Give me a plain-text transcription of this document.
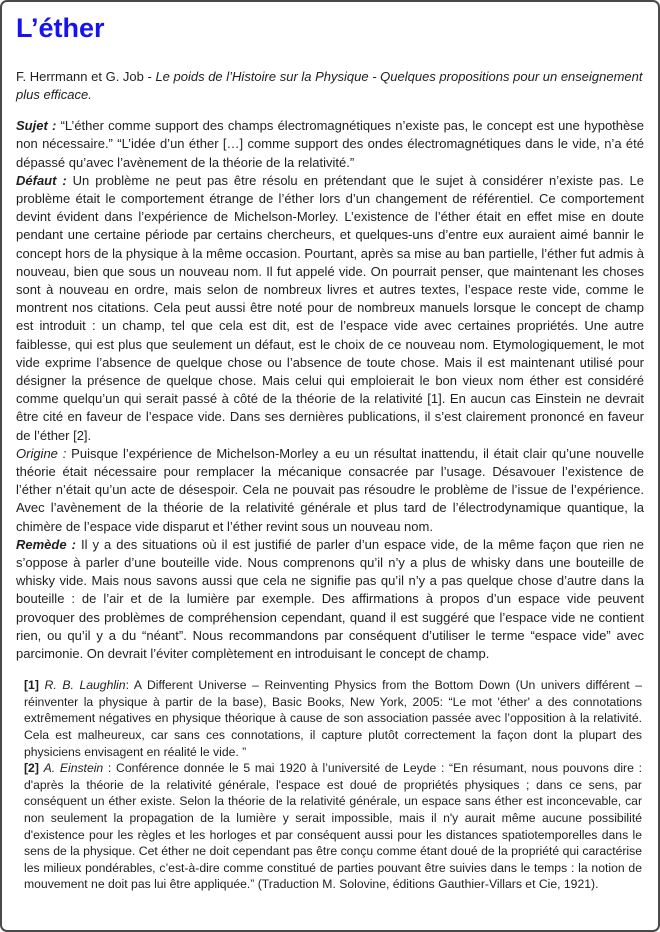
L’éther

F. Herrmann et G. Job - Le poids de l’Histoire sur la Physique - Quelques propositions pour un enseignement plus efficace.

Sujet : “L’éther comme support des champs électromagnétiques n’existe pas, le concept est une hypothèse non nécessaire.” “L’idée d’un éther […] comme support des ondes électromagnétiques dans le vide, n’a été dépassé qu’avec l’avènement de la théorie de la relativité.”

Défaut : Un problème ne peut pas être résolu en prétendant que le sujet à considérer n’existe pas. Le problème était le comportement étrange de l’éther lors d’un changement de référentiel. Ce comportement devint évident dans l’expérience de Michelson-Morley. L’existence de l’éther était en effet mise en doute pendant une certaine période par certains chercheurs, et quelques-uns d’entre eux auraient aimé bannir le concept hors de la physique à la même occasion. Pourtant, après sa mise au ban partielle, l’éther fut admis à nouveau, bien que sous un nouveau nom. Il fut appelé vide. On pourrait penser, que maintenant les choses sont à nouveau en ordre, mais selon de nombreux livres et autres textes, l’espace reste vide, comme le montrent nos citations. Cela peut aussi être noté pour de nombreux manuels lorsque le concept de champ est introduit : un champ, tel que cela est dit, est de l’espace vide avec certaines propriétés. Une autre faiblesse, qui est plus que seulement un défaut, est le choix de ce nouveau nom. Etymologiquement, le mot vide exprime l’absence de quelque chose ou l’absence de toute chose. Mais il est maintenant utilisé pour désigner la présence de quelque chose. Mais celui qui emploierait le bon vieux nom éther est considéré comme quelqu’un qui serait passé à côté de la théorie de la relativité [1]. En aucun cas Einstein ne devrait être cité en faveur de l’espace vide. Dans ses dernières publications, il s’est clairement prononcé en faveur de l’éther [2].

Origine : Puisque l’expérience de Michelson-Morley a eu un résultat inattendu, il était clair qu’une nouvelle théorie était nécessaire pour remplacer la mécanique consacrée par l’usage. Désavouer l’existence de l’éther n’était qu’un acte de désespoir. Cela ne pouvait pas résoudre le problème de l’issue de l’expérience. Avec l’avènement de la théorie de la relativité générale et plus tard de l’électrodynamique quantique, la chimère de l’espace vide disparut et l’éther revint sous un nouveau nom.

Remède : Il y a des situations où il est justifié de parler d’un espace vide, de la même façon que rien ne s’oppose à parler d’une bouteille vide. Nous comprenons qu’il n’y a plus de whisky dans une bouteille de whisky vide. Mais nous savons aussi que cela ne signifie pas qu’il n’y a pas quelque chose d’autre dans la bouteille : de l’air et de la lumière par exemple. Des affirmations à propos d’un espace vide peuvent provoquer des problèmes de compréhension cependant, quand il est suggéré que l’espace vide ne contient rien, ou qu’il y a du “néant”. Nous recommandons par conséquent d’utiliser le terme “espace vide” avec parcimonie. On devrait l’éviter complètement en introduisant le concept de champ.

[1] R. B. Laughlin: A Different Universe – Reinventing Physics from the Bottom Down (Un univers différent – réinventer la physique à partir de la base), Basic Books, New York, 2005: “Le mot 'éther' a des connotations extrêmement négatives en physique théorique à cause de son association passée avec l’opposition à la relativité. Cela est malheureux, car sans ces connotations, il capture plutôt correctement la façon dont la plupart des physiciens envisagent en réalité le vide. ”

[2] A. Einstein : Conférence donnée le 5 mai 1920 à l’université de Leyde : “En résumant, nous pouvons dire : d'après la théorie de la relativité générale, l'espace est doué de propriétés physiques ; dans ce sens, par conséquent un éther existe. Selon la théorie de la relativité générale, un espace sans éther est inconcevable, car non seulement la propagation de la lumière y serait impossible, mais il n'y aurait même aucune possibilité d'existence pour les règles et les horloges et par conséquent aussi pour les distances spatiotemporelles dans le sens de la physique. Cet éther ne doit cependant pas être conçu comme étant doué de la propriété qui caractérise les milieux pondérables, c’est-à-dire comme constitué de parties pouvant être suivies dans le temps : la notion de mouvement ne doit pas lui être appliquée.” (Traduction M. Solovine, éditions Gauthier-Villars et Cie, 1921).
